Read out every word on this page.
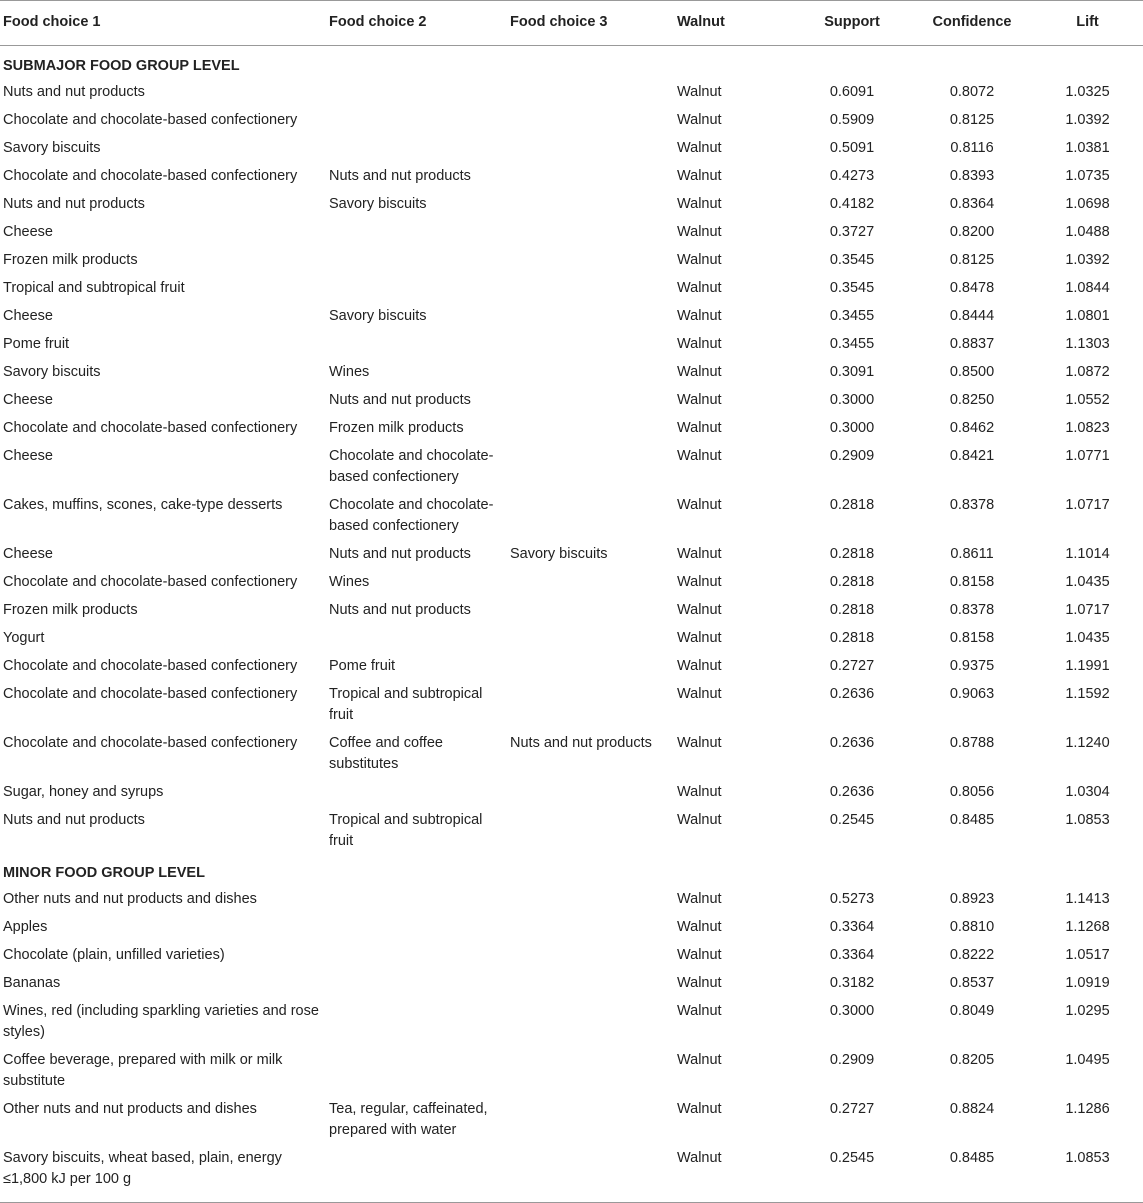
Food choice 1	Food choice 2	Food choice 3	Walnut	Support	Confidence	Lift
SUBMAJOR FOOD GROUP LEVEL						
Nuts and nut products			Walnut	0.6091	0.8072	1.0325
Chocolate and chocolate-based confectionery			Walnut	0.5909	0.8125	1.0392
Savory biscuits			Walnut	0.5091	0.8116	1.0381
Chocolate and chocolate-based confectionery	Nuts and nut products		Walnut	0.4273	0.8393	1.0735
Nuts and nut products	Savory biscuits		Walnut	0.4182	0.8364	1.0698
Cheese			Walnut	0.3727	0.8200	1.0488
Frozen milk products			Walnut	0.3545	0.8125	1.0392
Tropical and subtropical fruit			Walnut	0.3545	0.8478	1.0844
Cheese	Savory biscuits		Walnut	0.3455	0.8444	1.0801
Pome fruit			Walnut	0.3455	0.8837	1.1303
Savory biscuits	Wines		Walnut	0.3091	0.8500	1.0872
Cheese	Nuts and nut products		Walnut	0.3000	0.8250	1.0552
Chocolate and chocolate-based confectionery	Frozen milk products		Walnut	0.3000	0.8462	1.0823
Cheese	Chocolate and chocolate-based confectionery		Walnut	0.2909	0.8421	1.0771
Cakes, muffins, scones, cake-type desserts	Chocolate and chocolate-based confectionery		Walnut	0.2818	0.8378	1.0717
Cheese	Nuts and nut products	Savory biscuits	Walnut	0.2818	0.8611	1.1014
Chocolate and chocolate-based confectionery	Wines		Walnut	0.2818	0.8158	1.0435
Frozen milk products	Nuts and nut products		Walnut	0.2818	0.8378	1.0717
Yogurt			Walnut	0.2818	0.8158	1.0435
Chocolate and chocolate-based confectionery	Pome fruit		Walnut	0.2727	0.9375	1.1991
Chocolate and chocolate-based confectionery	Tropical and subtropical fruit		Walnut	0.2636	0.9063	1.1592
Chocolate and chocolate-based confectionery	Coffee and coffee substitutes	Nuts and nut products	Walnut	0.2636	0.8788	1.1240
Sugar, honey and syrups			Walnut	0.2636	0.8056	1.0304
Nuts and nut products	Tropical and subtropical fruit		Walnut	0.2545	0.8485	1.0853
MINOR FOOD GROUP LEVEL						
Other nuts and nut products and dishes			Walnut	0.5273	0.8923	1.1413
Apples			Walnut	0.3364	0.8810	1.1268
Chocolate (plain, unfilled varieties)			Walnut	0.3364	0.8222	1.0517
Bananas			Walnut	0.3182	0.8537	1.0919
Wines, red (including sparkling varieties and rose styles)			Walnut	0.3000	0.8049	1.0295
Coffee beverage, prepared with milk or milk substitute			Walnut	0.2909	0.8205	1.0495
Other nuts and nut products and dishes	Tea, regular, caffeinated, prepared with water		Walnut	0.2727	0.8824	1.1286
Savory biscuits, wheat based, plain, energy ≤1,800 kJ per 100 g			Walnut	0.2545	0.8485	1.0853
